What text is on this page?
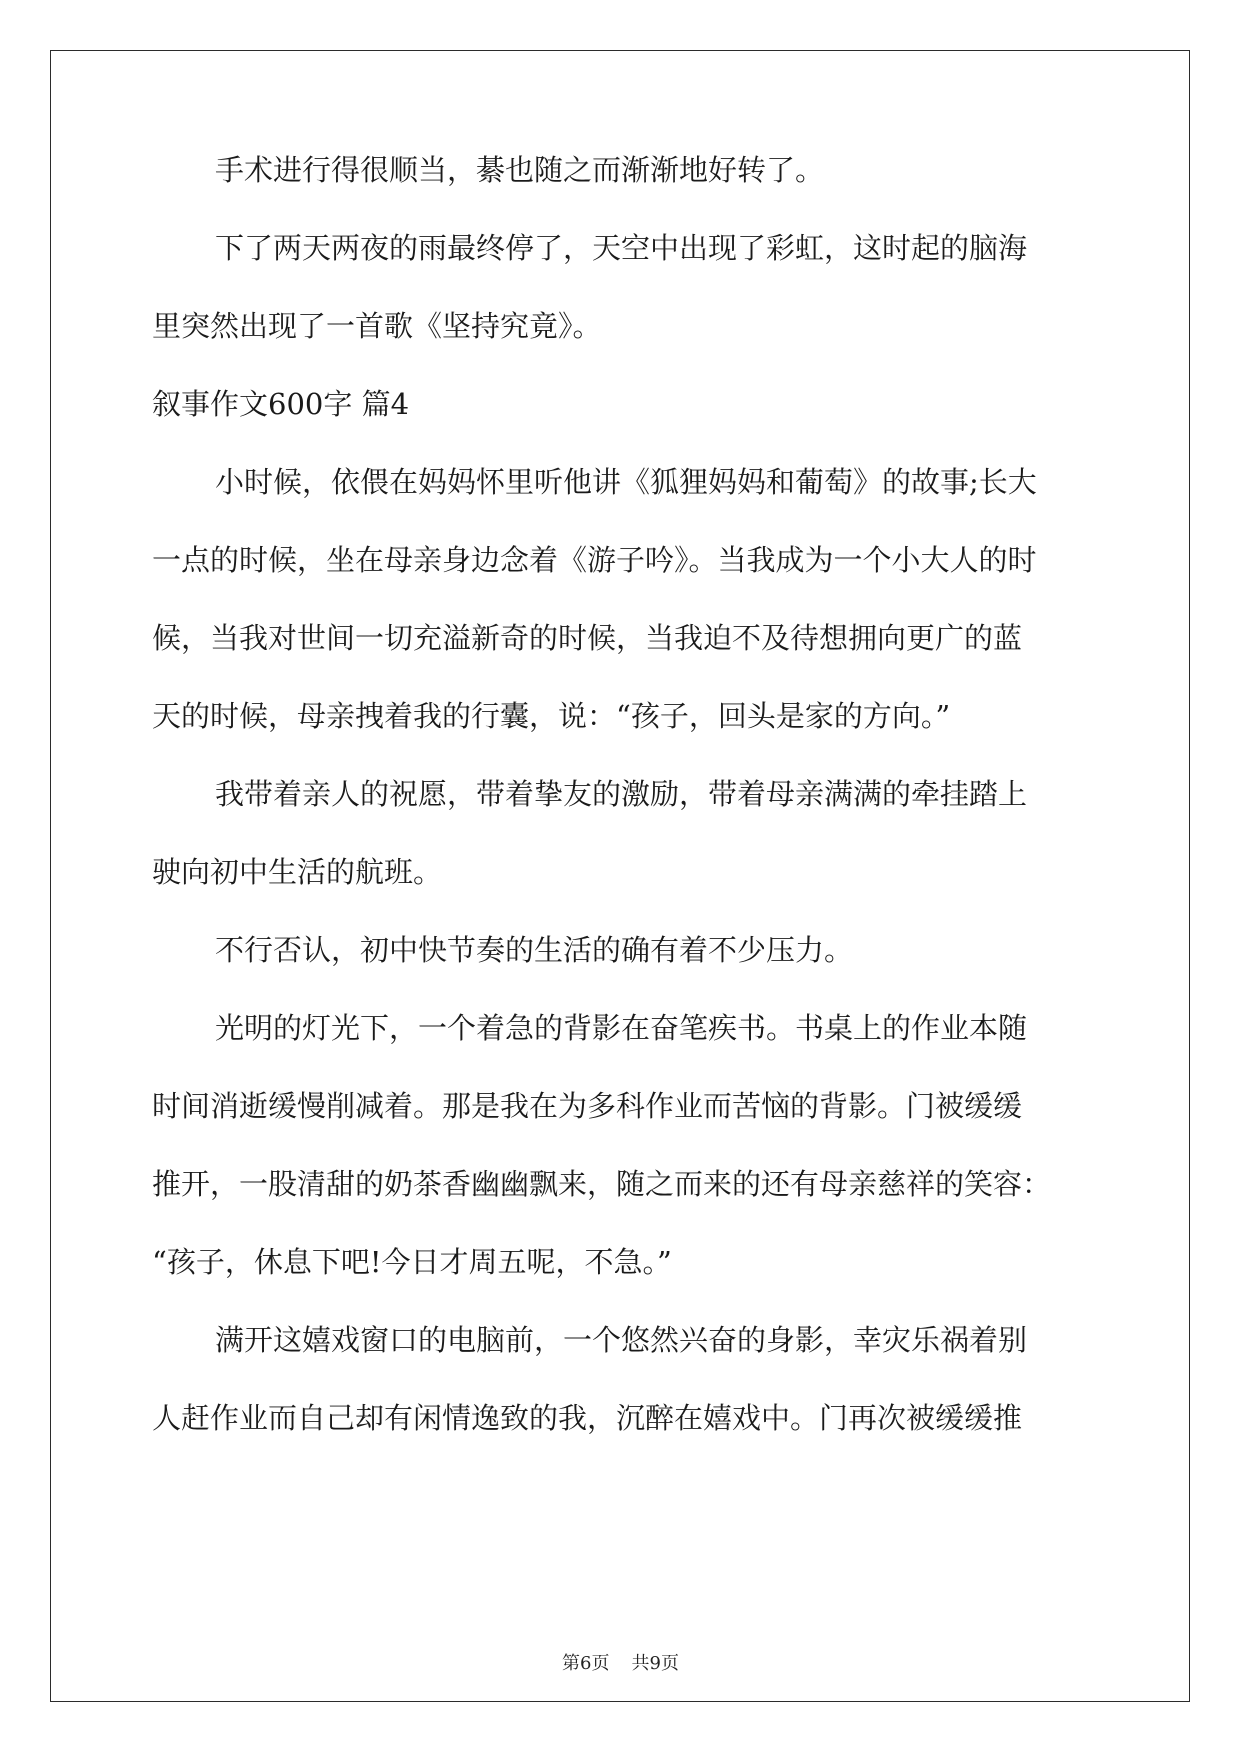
手术进行得很顺当，綦也随之而渐渐地好转了。
下了两天两夜的雨最终停了，天空中出现了彩虹，这时起的脑海
里突然出现了一首歌《坚持究竟》。
叙事作文600字 篇4
小时候，依偎在妈妈怀里听他讲《狐狸妈妈和葡萄》的故事;长大
一点的时候，坐在母亲身边念着《游子吟》。当我成为一个小大人的时
候，当我对世间一切充溢新奇的时候，当我迫不及待想拥向更广的蓝
天的时候，母亲拽着我的行囊，说：“孩子，回头是家的方向。”
我带着亲人的祝愿，带着挚友的激励，带着母亲满满的牵挂踏上
驶向初中生活的航班。
不行否认，初中快节奏的生活的确有着不少压力。
光明的灯光下，一个着急的背影在奋笔疾书。书桌上的作业本随
时间消逝缓慢削减着。那是我在为多科作业而苦恼的背影。门被缓缓
推开，一股清甜的奶茶香幽幽飘来，随之而来的还有母亲慈祥的笑容：
“孩子，休息下吧!今日才周五呢，不急。”
满开这嬉戏窗口的电脑前，一个悠然兴奋的身影，幸灾乐祸着别
人赶作业而自己却有闲情逸致的我，沉醉在嬉戏中。门再次被缓缓推
第6页 共9页
